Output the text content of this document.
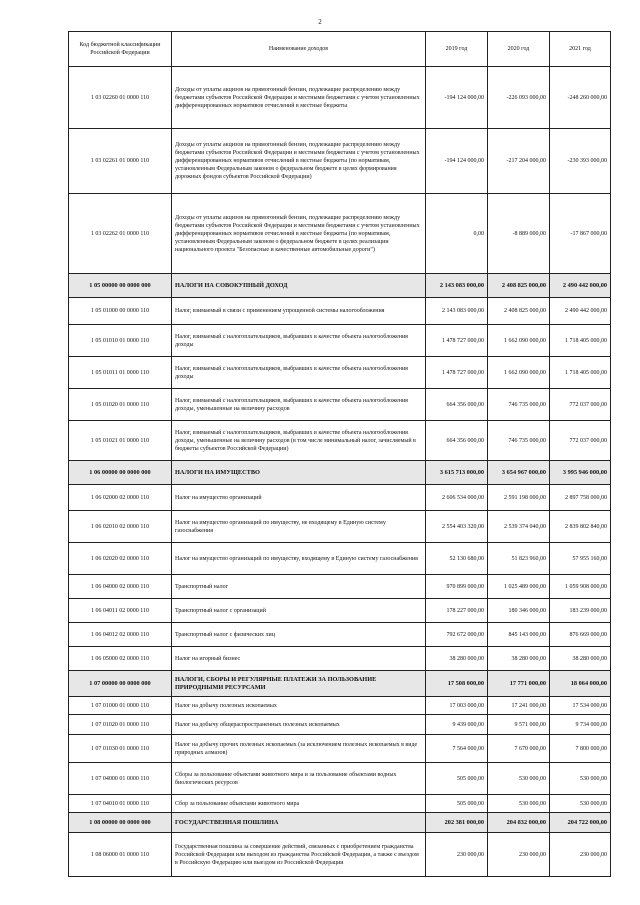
2
Код бюджетной классификации Российской Федерации	Наименование доходов	2019 год	2020 год	2021 год
1 03 02260 01 0000 110	Доходы от уплаты акцизов на прямогонный бензин, подлежащие распределению между бюджетами субъектов Российской Федерации и местными бюджетами с учетом установленных дифференцированных нормативов отчислений в местные бюджеты	-194 124 000,00	-226 093 000,00	-248 260 000,00
1 03 02261 01 0000 110	Доходы от уплаты акцизов на прямогонный бензин, подлежащие распределению между бюджетами субъектов Российской Федерации и местными бюджетами с учетом установленных дифференцированных нормативов отчислений в местные бюджеты (по нормативам, установленным Федеральным законом о федеральном бюджете в целях формирования дорожных фондов субъектов Российской Федерации)	-194 124 000,00	-217 204 000,00	-230 393 000,00
1 03 02262 01 0000 110	Доходы от уплаты акцизов на прямогонный бензин, подлежащие распределению между бюджетами субъектов Российской Федерации и местными бюджетами с учетом установленных дифференцированных нормативов отчислений в местные бюджеты (по нормативам, установленным Федеральным законом о федеральном бюджете в целях реализации национального проекта "Безопасные и качественные автомобильные дороги")	0,00	-8 889 000,00	-17 867 000,00
1 05 00000 00 0000 000	НАЛОГИ НА СОВОКУПНЫЙ ДОХОД	2 143 083 000,00	2 408 825 000,00	2 490 442 000,00
1 05 01000 00 0000 110	Налог, взимаемый в связи с применением упрощенной системы налогообложения	2 143 083 000,00	2 408 825 000,00	2 490 442 000,00
1 05 01010 01 0000 110	Налог, взимаемый с налогоплательщиков, выбравших в качестве объекта налогообложения доходы	1 478 727 000,00	1 662 090 000,00	1 718 405 000,00
1 05 01011 01 0000 110	Налог, взимаемый с налогоплательщиков, выбравших в качестве объекта налогообложения доходы	1 478 727 000,00	1 662 090 000,00	1 718 405 000,00
1 05 01020 01 0000 110	Налог, взимаемый с налогоплательщиков, выбравших в качестве объекта налогообложения доходы, уменьшенные на величину расходов	664 356 000,00	746 735 000,00	772 037 000,00
1 05 01021 01 0000 110	Налог, взимаемый с налогоплательщиков, выбравших в качестве объекта налогообложения доходы, уменьшенные на величину расходов (в том числе минимальный налог, зачисляемый в бюджеты субъектов Российской Федерации)	664 356 000,00	746 735 000,00	772 037 000,00
1 06 00000 00 0000 000	НАЛОГИ НА ИМУЩЕСТВО	3 615 713 000,00	3 654 967 000,00	3 995 946 000,00
1 06 02000 02 0000 110	Налог на имущество организаций	2 606 534 000,00	2 591 198 000,00	2 897 758 000,00
1 06 02010 02 0000 110	Налог на имущество организаций по имуществу, не входящему в Единую систему газоснабжения	2 554 403 320,00	2 539 374 040,00	2 839 802 840,00
1 06 02020 02 0000 110	Налог на имущество организаций по имуществу, входящему в Единую систему газоснабжения	52 130 680,00	51 823 960,00	57 955 160,00
1 06 04000 02 0000 110	Транспортный налог	970 899 000,00	1 025 489 000,00	1 059 908 000,00
1 06 04011 02 0000 110	Транспортный налог с организаций	178 227 000,00	180 346 000,00	183 239 000,00
1 06 04012 02 0000 110	Транспортный налог с физических лиц	792 672 000,00	845 143 000,00	876 669 000,00
1 06 05000 02 0000 110	Налог на игорный бизнес	38 280 000,00	38 280 000,00	38 280 000,00
1 07 00000 00 0000 000	НАЛОГИ, СБОРЫ И РЕГУЛЯРНЫЕ ПЛАТЕЖИ ЗА ПОЛЬЗОВАНИЕ ПРИРОДНЫМИ РЕСУРСАМИ	17 508 000,00	17 771 000,00	18 064 000,00
1 07 01000 01 0000 110	Налог на добычу полезных ископаемых	17 003 000,00	17 241 000,00	17 534 000,00
1 07 01020 01 0000 110	Налог на добычу общераспространенных полезных ископаемых	9 439 000,00	9 571 000,00	9 734 000,00
1 07 01030 01 0000 110	Налог на добычу прочих полезных ископаемых (за исключением полезных ископаемых в виде природных алмазов)	7 564 000,00	7 670 000,00	7 800 000,00
1 07 04000 01 0000 110	Сборы за пользование объектами животного мира и за пользование объектами водных биологических ресурсов	505 000,00	530 000,00	530 000,00
1 07 04010 01 0000 110	Сбор за пользование объектами животного мира	505 000,00	530 000,00	530 000,00
1 08 00000 00 0000 000	ГОСУДАРСТВЕННАЯ ПОШЛИНА	202 381 000,00	204 832 000,00	204 722 000,00
1 08 06000 01 0000 110	Государственная пошлина за совершение действий, связанных с приобретением гражданства Российской Федерации или выходом из гражданства Российской Федерации, а также с въездом в Российскую Федерацию или выездом из Российской Федерации	230 000,00	230 000,00	230 000,00
